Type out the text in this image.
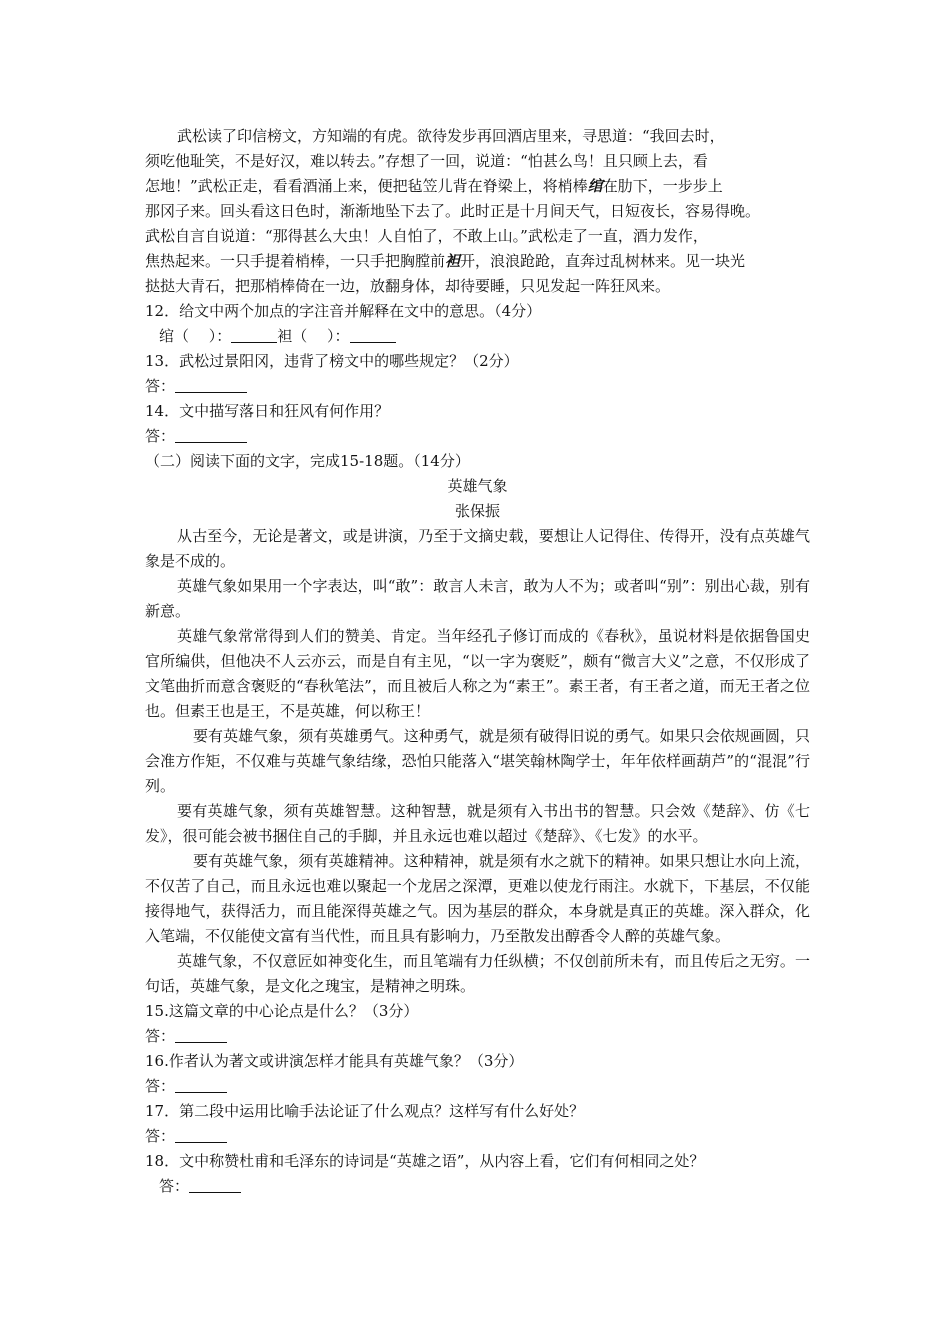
武松读了印信榜文，方知端的有虎。欲待发步再回酒店里来，寻思道：“我回去时，

须吃他耻笑，不是好汉，难以转去。”存想了一回，说道：“怕甚么鸟！且只顾上去，看

怎地！”武松正走，看看酒涌上来，便把毡笠儿背在脊梁上，将梢棒绾在肋下，一步步上

那冈子来。回头看这日色时，渐渐地坠下去了。此时正是十月间天气，日短夜长，容易得晚。

武松自言自说道：“那得甚么大虫！人自怕了，不敢上山。”武松走了一直，酒力发作，

焦热起来。一只手提着梢棒，一只手把胸膛前袒开，浪浪跄跄，直奔过乱树林来。见一块光

挞挞大青石，把那梢棒倚在一边，放翻身体，却待要睡，只见发起一阵狂风来。

12．给文中两个加点的字注音并解释在文中的意思。（4分）

绾（　 ）：	袒（　 ）：

13．武松过景阳冈，违背了榜文中的哪些规定？（2分）

答：

14．文中描写落日和狂风有何作用？

答：

（二）阅读下面的文字，完成15-18题。（14分）

英雄气象

张保振

从古至今，无论是著文，或是讲演，乃至于文摘史载，要想让人记得住、传得开，没有点英雄气象是不成的。

英雄气象如果用一个字表达，叫“敢”：敢言人未言，敢为人不为；或者叫“别”：别出心裁，别有新意。

英雄气象常常得到人们的赞美、肯定。当年经孔子修订而成的《春秋》，虽说材料是依据鲁国史官所编供，但他决不人云亦云，而是自有主见，“以一字为褒贬”，颇有“微言大义”之意，不仅形成了文笔曲折而意含褒贬的“春秋笔法”，而且被后人称之为“素王”。素王者，有王者之道，而无王者之位也。但素王也是王，不是英雄，何以称王！

要有英雄气象，须有英雄勇气。这种勇气，就是须有破得旧说的勇气。如果只会依规画圆，只会准方作矩，不仅难与英雄气象结缘，恐怕只能落入“堪笑翰林陶学士，年年依样画葫芦”的“混混”行列。

要有英雄气象，须有英雄智慧。这种智慧，就是须有入书出书的智慧。只会效《楚辞》、仿《七发》，很可能会被书捆住自己的手脚，并且永远也难以超过《楚辞》、《七发》的水平。

要有英雄气象，须有英雄精神。这种精神，就是须有水之就下的精神。如果只想让水向上流，不仅苦了自己，而且永远也难以聚起一个龙居之深潭，更难以使龙行雨注。水就下，下基层，不仅能接得地气，获得活力，而且能深得英雄之气。因为基层的群众，本身就是真正的英雄。深入群众，化入笔端，不仅能使文富有当代性，而且具有影响力，乃至散发出醇香令人醉的英雄气象。

英雄气象，不仅意匠如神变化生，而且笔端有力任纵横；不仅创前所未有，而且传后之无穷。一句话，英雄气象，是文化之瑰宝，是精神之明珠。

15.这篇文章的中心论点是什么？（3分）

答：

16.作者认为著文或讲演怎样才能具有英雄气象？（3分）

答：

17．第二段中运用比喻手法论证了什么观点？这样写有什么好处？

答：

18．文中称赞杜甫和毛泽东的诗词是“英雄之语”，从内容上看，它们有何相同之处？

答：
